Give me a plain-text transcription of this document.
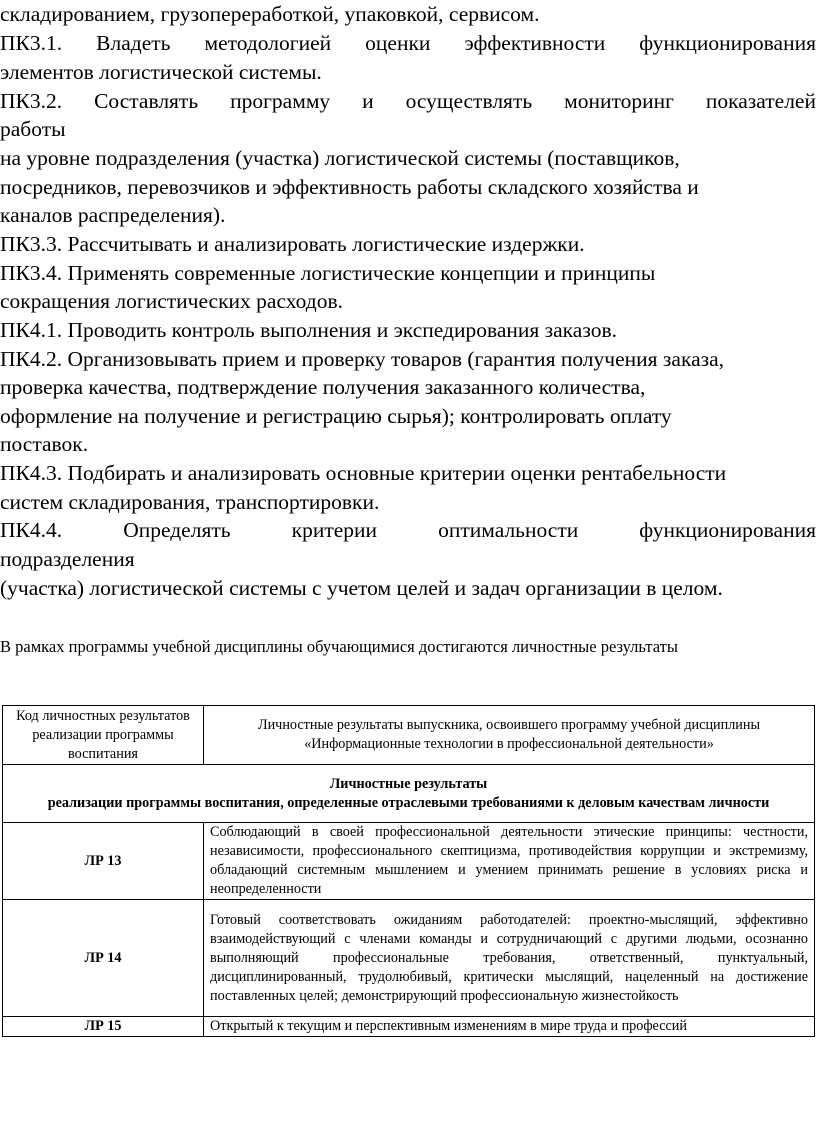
складированием, грузопереработкой, упаковкой, сервисом.
ПК3.1. Владеть методологией оценки эффективности функционирования
элементов логистической системы.
ПК3.2. Составлять программу и осуществлять мониторинг показателей
работы
на уровне подразделения (участка) логистической системы (поставщиков,
посредников, перевозчиков и эффективность работы складского хозяйства и
каналов распределения).
ПК3.3. Рассчитывать и анализировать логистические издержки.
ПК3.4. Применять современные логистические концепции и принципы
сокращения логистических расходов.
ПК4.1. Проводить контроль выполнения и экспедирования заказов.
ПК4.2. Организовывать прием и проверку товаров (гарантия получения заказа,
проверка качества, подтверждение получения заказанного количества,
оформление на получение и регистрацию сырья); контролировать оплату
поставок.
ПК4.3. Подбирать и анализировать основные критерии оценки рентабельности
систем складирования, транспортировки.
ПК4.4. Определять критерии оптимальности функционирования
подразделения
(участка) логистической системы с учетом целей и задач организации в целом.
В рамках программы учебной дисциплины обучающимися достигаются личностные результаты
Код личностных результатов реализации программы воспитания	Личностные результаты выпускника, освоившего программу учебной дисциплины «Информационные технологии в профессиональной деятельности»

Личностные результаты
реализации программы воспитания, определенные отраслевыми требованиями к деловым качествам личности	

ЛР 13	Соблюдающий в своей профессиональной деятельности этические принципы: честности, независимости, профессионального скептицизма, противодействия коррупции и экстремизму, обладающий системным мышлением и умением принимать решение в условиях риска и неопределенности
ЛР 14	Готовый соответствовать ожиданиям работодателей: проектно-мыслящий, эффективно взаимодействующий с членами команды и сотрудничающий с другими людьми, осознанно выполняющий профессиональные требования, ответственный, пунктуальный, дисциплинированный, трудолюбивый, критически мыслящий, нацеленный на достижение поставленных целей; демонстрирующий профессиональную жизнестойкость
ЛР 15	Открытый к текущим и перспективным изменениям в мире труда и профессий
